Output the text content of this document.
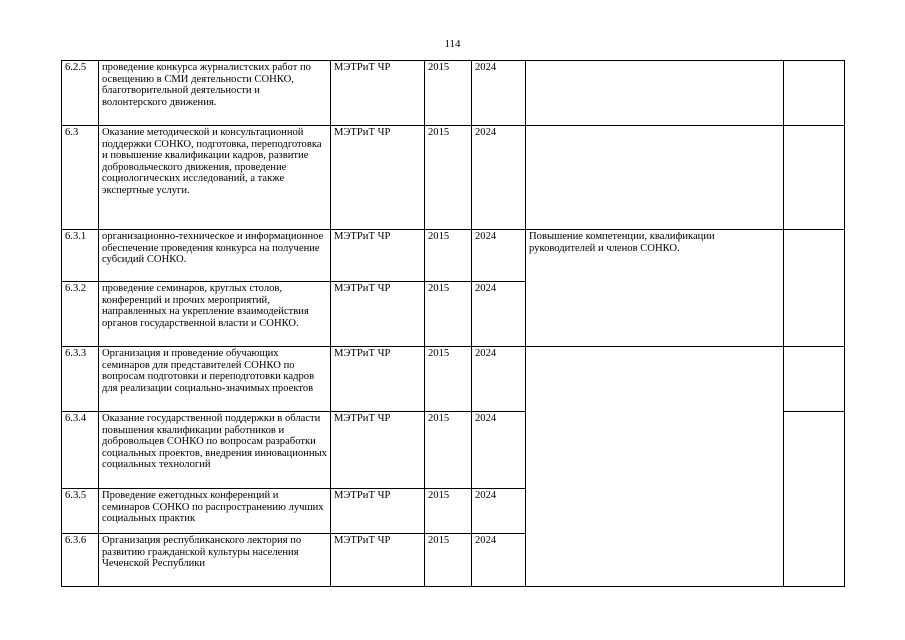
114
6.2.5	проведение конкурса журналистских работ по освещению в СМИ деятельности СОНКО, благотворительной деятельности и волонтерского движения.	МЭТРиТ ЧР	2015	2024		
6.3	Оказание методической и консультационной поддержки СОНКО, подготовка, переподготовка и повышение квалификации кадров, развитие добровольческого движения, проведение социологических исследований, а также экспертные услуги.	МЭТРиТ ЧР	2015	2024		
6.3.1	организационно-техническое и информационное обеспечение проведения конкурса на получение субсидий СОНКО.	МЭТРиТ ЧР	2015	2024	Повышение компетенции, квалификации руководителей и членов СОНКО.	
6.3.2	проведение семинаров, круглых столов, конференций и прочих мероприятий, направленных на укрепление взаимодействия органов государственной власти и СОНКО.	МЭТРиТ ЧР	2015	2024		
6.3.3	Организация и проведение обучающих семинаров для представителей СОНКО по вопросам подготовки и переподготовки кадров для реализации социально-значимых проектов	МЭТРиТ ЧР	2015	2024		
6.3.4	Оказание государственной поддержки в области повышения квалификации работников и добровольцев СОНКО по вопросам разработки социальных проектов, внедрения инновационных социальных технологий	МЭТРиТ ЧР	2015	2024		
6.3.5	Проведение ежегодных конференций и семинаров СОНКО по распространению лучших социальных практик	МЭТРиТ ЧР	2015	2024		
6.3.6	Организация республиканского лектория по развитию гражданской культуры населения Чеченской Республики	МЭТРиТ ЧР	2015	2024		
